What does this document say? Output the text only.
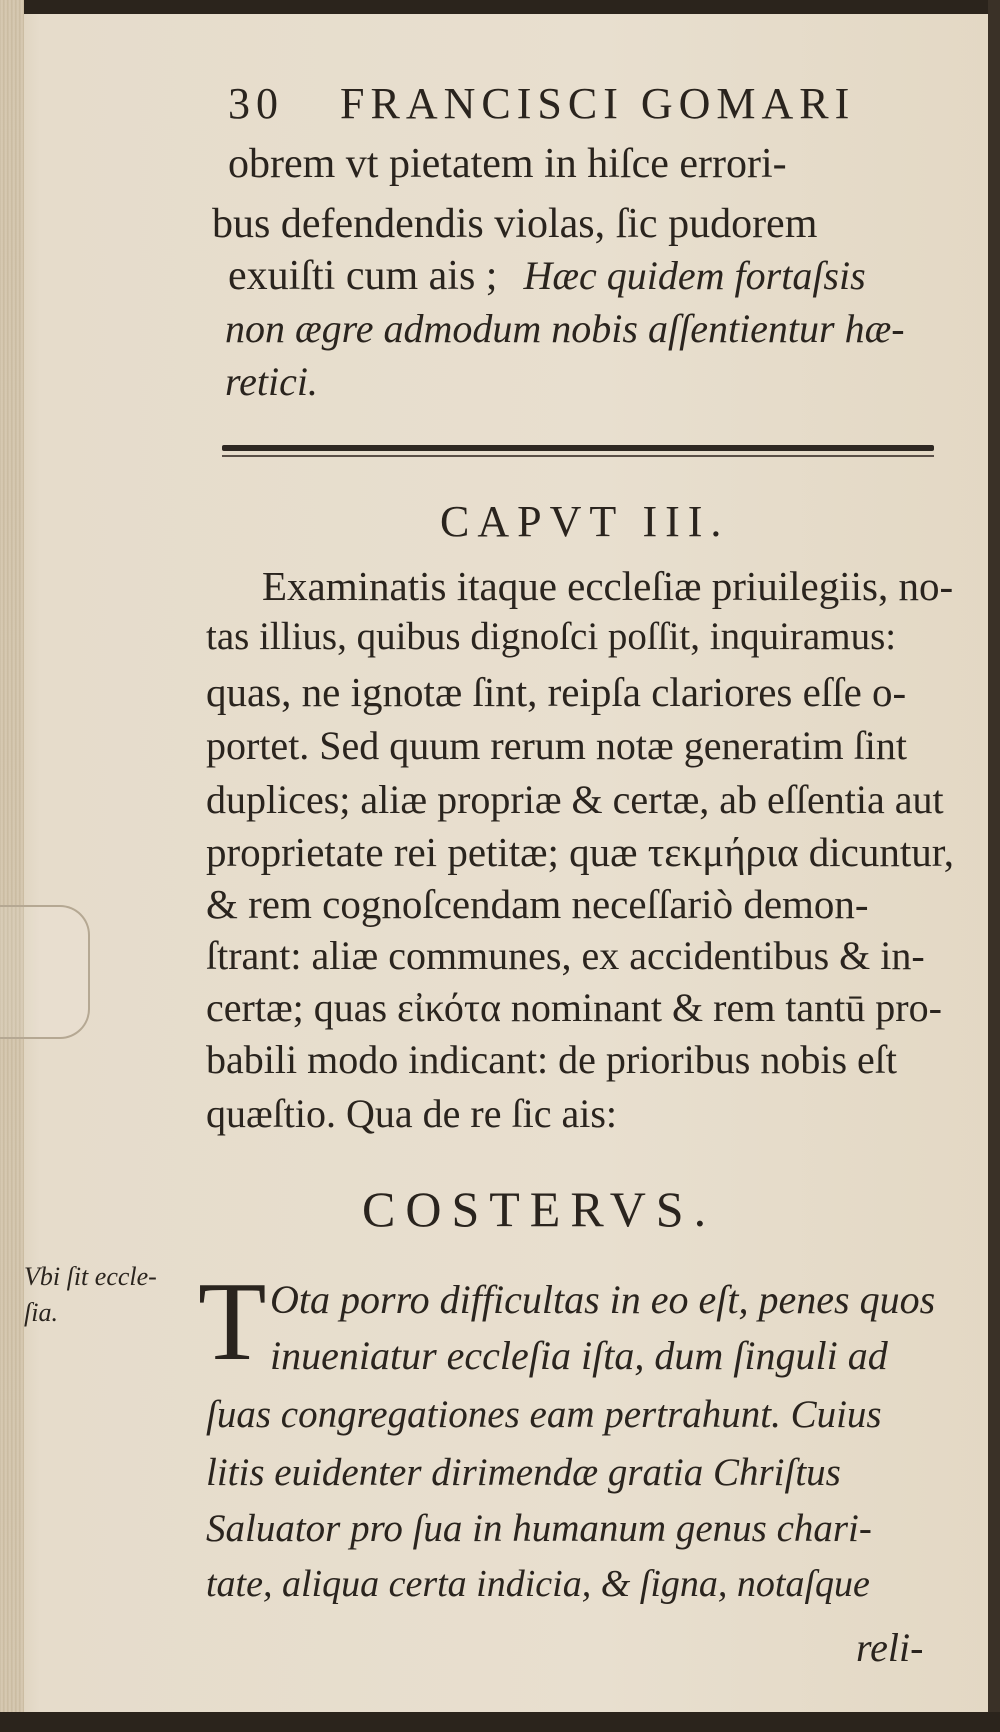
30 FRANCISCI GOMARI
obrem vt pietatem in hiſce errori-
bus defendendis violas, ſic pudorem
exuiſti cum ais ; Hæc quidem fortaſsis
non ægre admodum nobis aſſentientur hæ-
retici.
CAPVT III.
Examinatis itaque eccleſiæ priuilegiis, no-
tas illius, quibus dignoſci poſſit, inquiramus:
quas, ne ignotæ ſint, reipſa clariores eſſe o-
portet. Sed quum rerum notæ generatim ſint
duplices; aliæ propriæ & certæ, ab eſſentia aut
proprietate rei petitæ; quæ τεκμήρια dicuntur,
& rem cognoſcendam neceſſariò demon-
ſtrant: aliæ communes, ex accidentibus & in-
certæ; quas εἰκότα nominant & rem tantū pro-
babili modo indicant: de prioribus nobis eſt
quæſtio. Qua de re ſic ais:
COSTERVS.
Vbi ſit eccle-
ſia. T Ota porro difficultas in eo eſt, penes quos
inueniatur eccleſia iſta, dum ſinguli ad
ſuas congregationes eam pertrahunt. Cuius
litis euidenter dirimendæ gratia Chriſtus
Saluator pro ſua in humanum genus chari-
tate, aliqua certa indicia, & ſigna, notaſque
reli-
